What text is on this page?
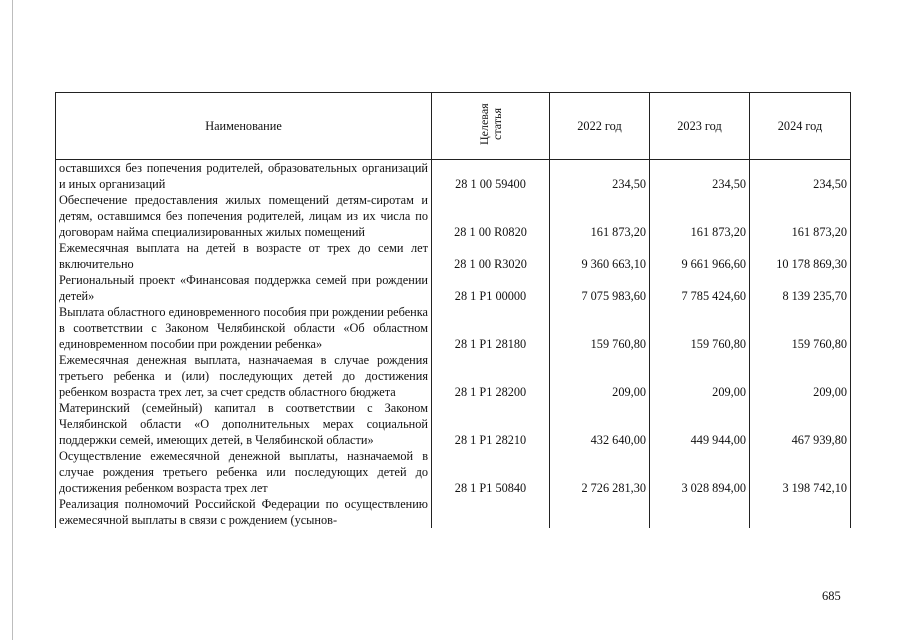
Наименование	Целевая статья	2022 год	2023 год	2024 год
оставшихся без попечения родителей, образовательных организаций и иных организаций	28 1 00 59400	234,50	234,50	234,50
Обеспечение предоставления жилых помещений детям-сиротам и детям, оставшимся без попечения родителей, лицам из их числа по договорам найма специализированных жилых помещений	28 1 00 R0820	161 873,20	161 873,20	161 873,20
Ежемесячная выплата на детей в возрасте от трех до семи лет включительно	28 1 00 R3020	9 360 663,10	9 661 966,60	10 178 869,30
Региональный проект «Финансовая поддержка семей при рождении детей»	28 1 P1 00000	7 075 983,60	7 785 424,60	8 139 235,70
Выплата областного единовременного пособия при рождении ребенка в соответствии с Законом Челябинской области «Об областном единовременном пособии при рождении ребенка»	28 1 P1 28180	159 760,80	159 760,80	159 760,80
Ежемесячная денежная выплата, назначаемая в случае рождения третьего ребенка и (или) последующих детей до достижения ребенком возраста трех лет, за счет средств областного бюджета	28 1 P1 28200	209,00	209,00	209,00
Материнский (семейный) капитал в соответствии с Законом Челябинской области «О дополнительных мерах социальной поддержки семей, имеющих детей, в Челябинской области»	28 1 P1 28210	432 640,00	449 944,00	467 939,80
Осуществление ежемесячной денежной выплаты, назначаемой в случае рождения третьего ребенка или последующих детей до достижения ребенком возраста трех лет	28 1 P1 50840	2 726 281,30	3 028 894,00	3 198 742,10
Реализация полномочий Российской Федерации по осуществлению ежемесячной выплаты в связи с рождением (усынов-				
685
